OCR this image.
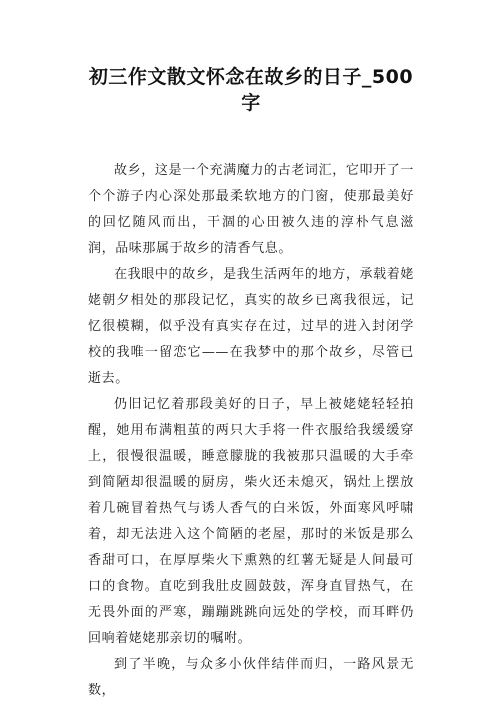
初三作文散文怀念在故乡的日子_500字

故乡，这是一个充满魔力的古老词汇，它叩开了一个个游子内心深处那最柔软地方的门窗，使那最美好的回忆随风而出，干涸的心田被久违的淳朴气息滋润，品味那属于故乡的清香气息。

在我眼中的故乡，是我生活两年的地方，承载着姥姥朝夕相处的那段记忆，真实的故乡已离我很远，记忆很模糊，似乎没有真实存在过，过早的进入封闭学校的我唯一留恋它——在我梦中的那个故乡，尽管已逝去。

仍旧记忆着那段美好的日子，早上被姥姥轻轻拍醒，她用布满粗茧的两只大手将一件衣服给我缓缓穿上，很慢很温暖，睡意朦胧的我被那只温暖的大手牵到简陋却很温暖的厨房，柴火还未熄灭，锅灶上摆放着几碗冒着热气与诱人香气的白米饭，外面寒风呼啸着，却无法进入这个简陋的老屋，那时的米饭是那么香甜可口，在厚厚柴火下熏熟的红薯无疑是人间最可口的食物。直吃到我肚皮圆鼓鼓，浑身直冒热气，在无畏外面的严寒，蹦蹦跳跳向远处的学校，而耳畔仍回响着姥姥那亲切的嘱咐。

到了半晚，与众多小伙伴结伴而归，一路风景无数，
